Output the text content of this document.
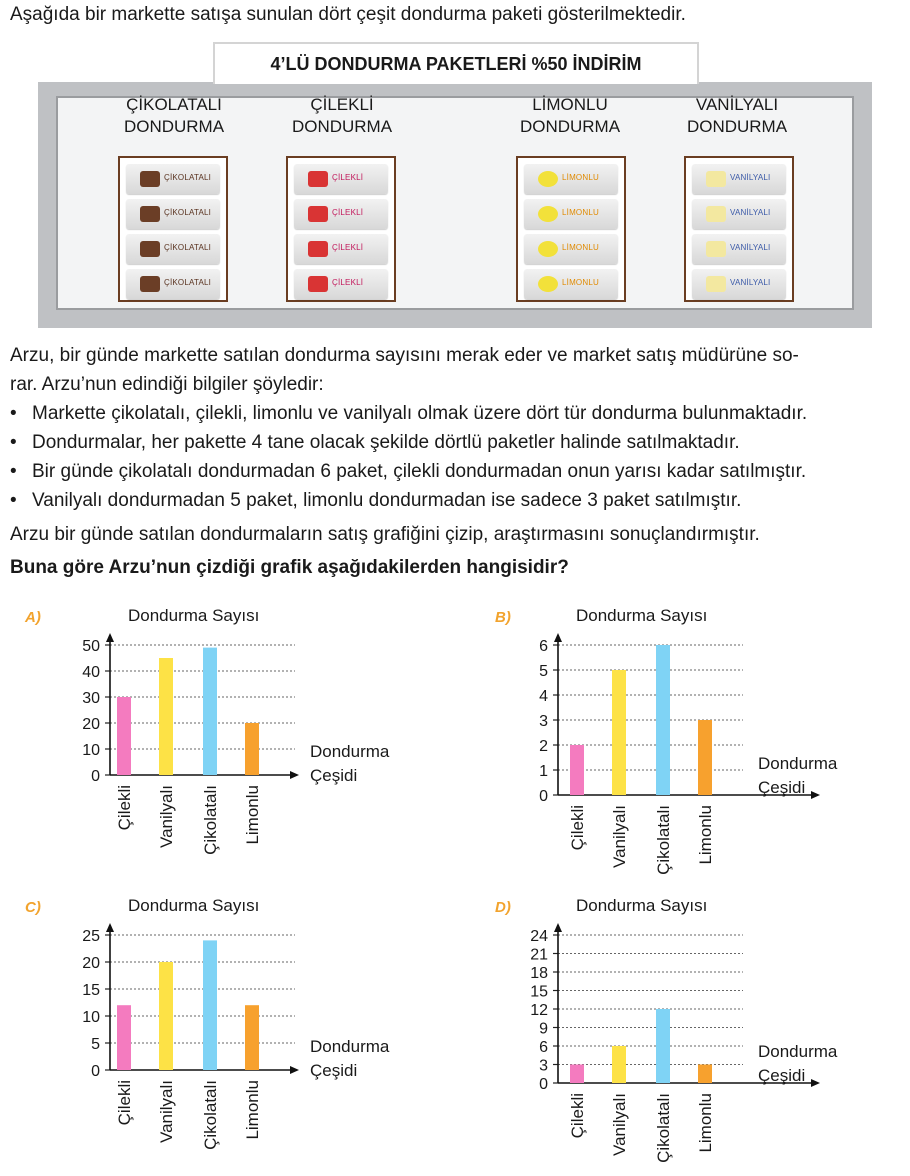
Aşağıda bir markette satışa sunulan dört çeşit dondurma paketi gösterilmektedir.
4’LÜ DONDURMA PAKETLERİ %50 İNDİRİM
ÇİKOLATALI
DONDURMA
ÇİLEKLİ
DONDURMA
LİMONLU
DONDURMA
VANİLYALI
DONDURMA
ÇİKOLATALI
ÇİKOLATALI
ÇİKOLATALI
ÇİKOLATALI
ÇİLEKLİ
ÇİLEKLİ
ÇİLEKLİ
ÇİLEKLİ
LİMONLU
LİMONLU
LİMONLU
LİMONLU
VANİLYALI
VANİLYALI
VANİLYALI
VANİLYALI
Arzu, bir günde markette satılan dondurma sayısını merak eder ve market satış müdürüne so-
rar. Arzu’nun edindiği bilgiler şöyledir:
• Markette çikolatalı, çilekli, limonlu ve vanilyalı olmak üzere dört tür dondurma bulunmaktadır.
• Dondurmalar, her pakette 4 tane olacak şekilde dörtlü paketler halinde satılmaktadır.
• Bir günde çikolatalı dondurmadan 6 paket, çilekli dondurmadan onun yarısı kadar satılmıştır.
• Vanilyalı dondurmadan 5 paket, limonlu dondurmadan ise sadece 3 paket satılmıştır.
Arzu bir günde satılan dondurmaların satış grafiğini çizip, araştırmasını sonuçlandırmıştır.
Buna göre Arzu’nun çizdiği grafik aşağıdakilerden hangisidir?
0
10
20
30
40
50
Dondurma Sayısı
Dondurma
Çeşidi
A)
Çilekli Vanilyalı Çikolatalı Limonlu	0
1
2
3
4
5
6
Dondurma Sayısı
Dondurma
Çeşidi
B)
Çilekli Vanilyalı Çikolatalı Limonlu
0
5
10
15
20
25
Dondurma Sayısı
Dondurma
Çeşidi
C)
Çilekli Vanilyalı Çikolatalı Limonlu	0
3
6
9
12
15
18
21
24
Dondurma Sayısı
Dondurma
Çeşidi
D)
Çilekli Vanilyalı Çikolatalı Limonlu
